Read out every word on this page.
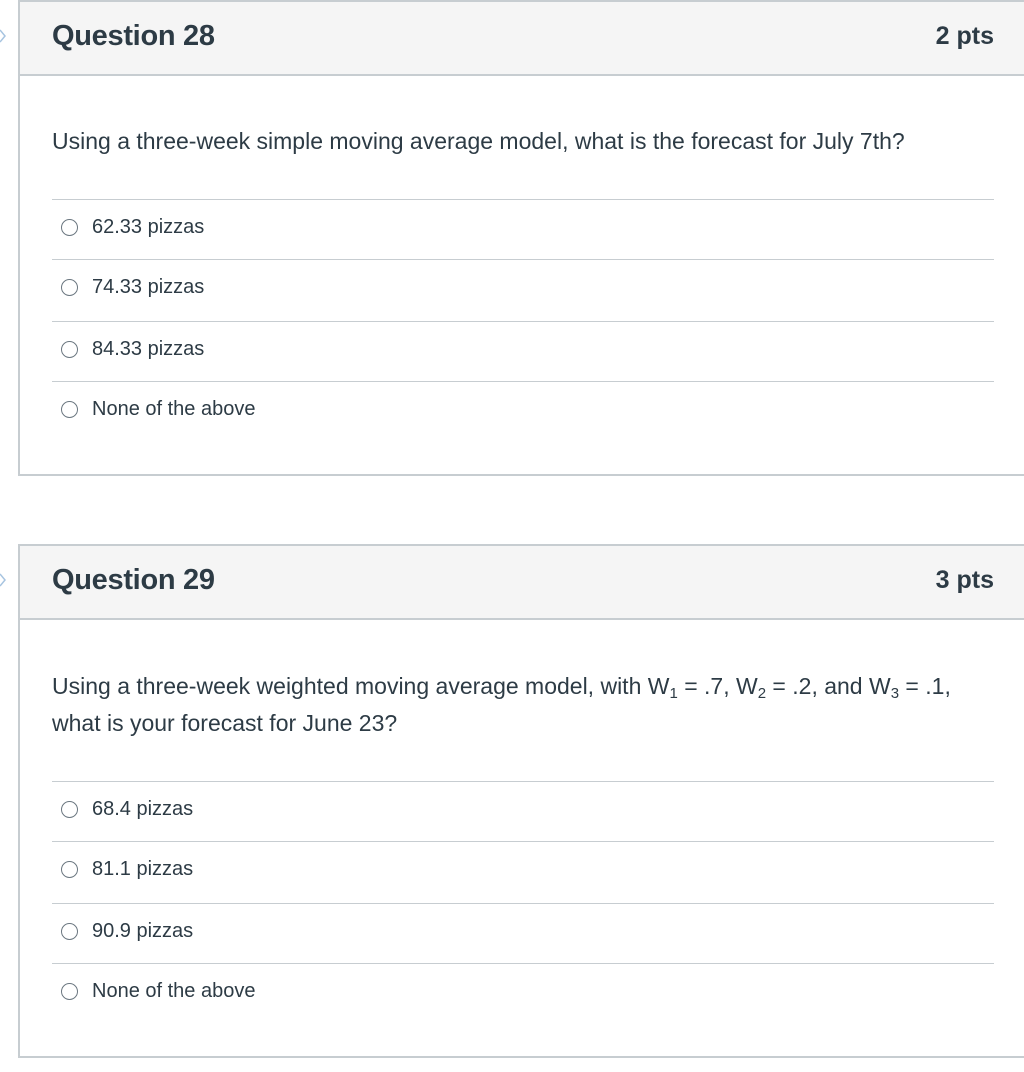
Question 28	2 pts
Using a three-week simple moving average model, what is the forecast for July 7th?
62.33 pizzas
74.33 pizzas
84.33 pizzas
None of the above
Question 29	3 pts
Using a three-week weighted moving average model, with $W_1 = .7$, $W_2 = .2$, and $W_3 = .1$, what is your forecast for June 23?
68.4 pizzas
81.1 pizzas
90.9 pizzas
None of the above
